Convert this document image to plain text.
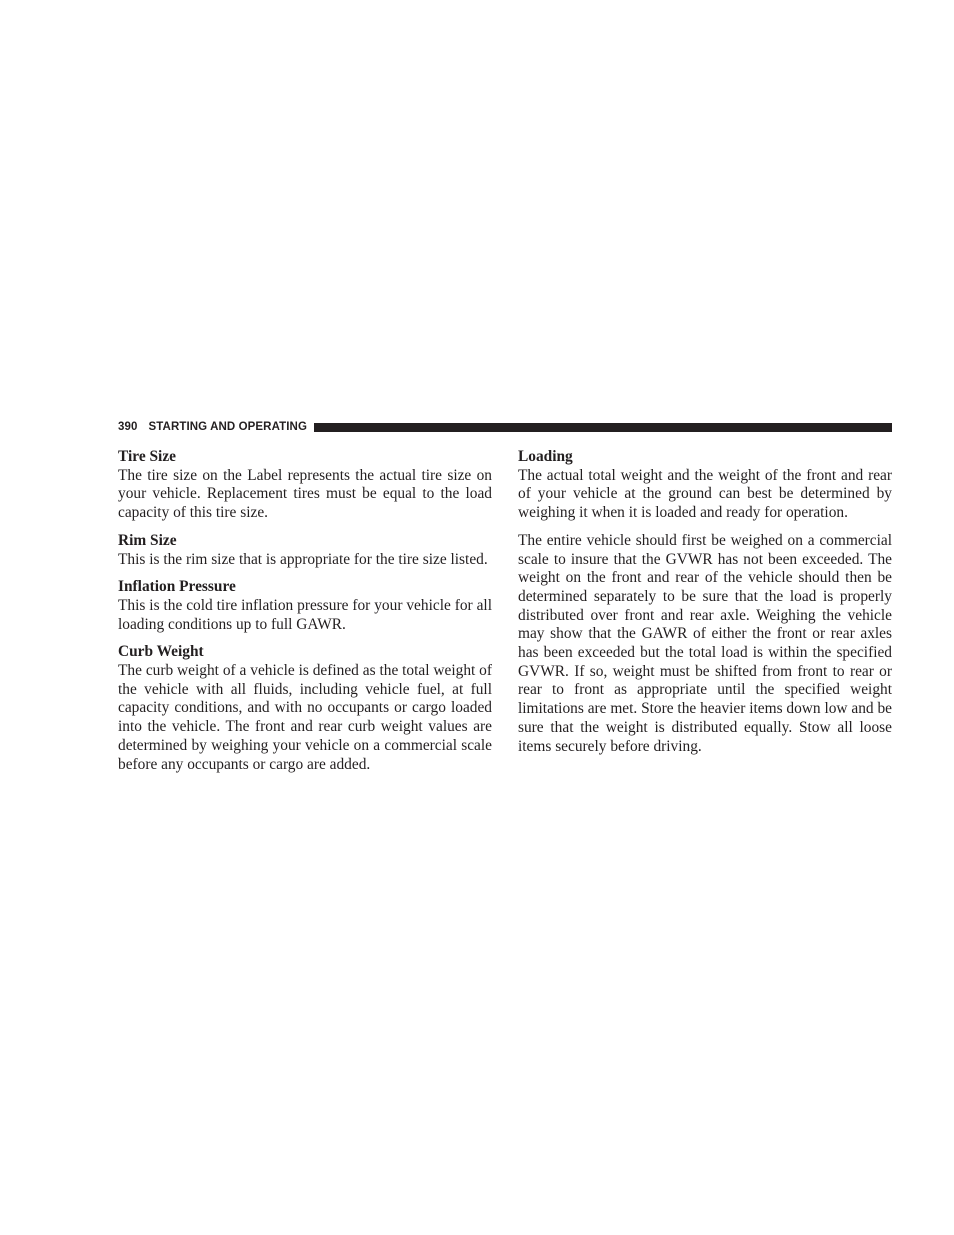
390 STARTING AND OPERATING

Tire Size

The tire size on the Label represents the actual tire size on your vehicle. Replacement tires must be equal to the load capacity of this tire size.

Rim Size

This is the rim size that is appropriate for the tire size listed.

Inflation Pressure

This is the cold tire inflation pressure for your vehicle for all loading conditions up to full GAWR.

Curb Weight

The curb weight of a vehicle is defined as the total weight of the vehicle with all fluids, including vehicle fuel, at full capacity conditions, and with no occupants or cargo loaded into the vehicle. The front and rear curb weight values are determined by weighing your vehicle on a commercial scale before any occupants or cargo are added.

Loading

The actual total weight and the weight of the front and rear of your vehicle at the ground can best be determined by weighing it when it is loaded and ready for operation.

The entire vehicle should first be weighed on a commercial scale to insure that the GVWR has not been exceeded. The weight on the front and rear of the vehicle should then be determined separately to be sure that the load is properly distributed over front and rear axle. Weighing the vehicle may show that the GAWR of either the front or rear axles has been exceeded but the total load is within the specified GVWR. If so, weight must be shifted from front to rear or rear to front as appropriate until the specified weight limitations are met. Store the heavier items down low and be sure that the weight is distributed equally. Stow all loose items securely before driving.
